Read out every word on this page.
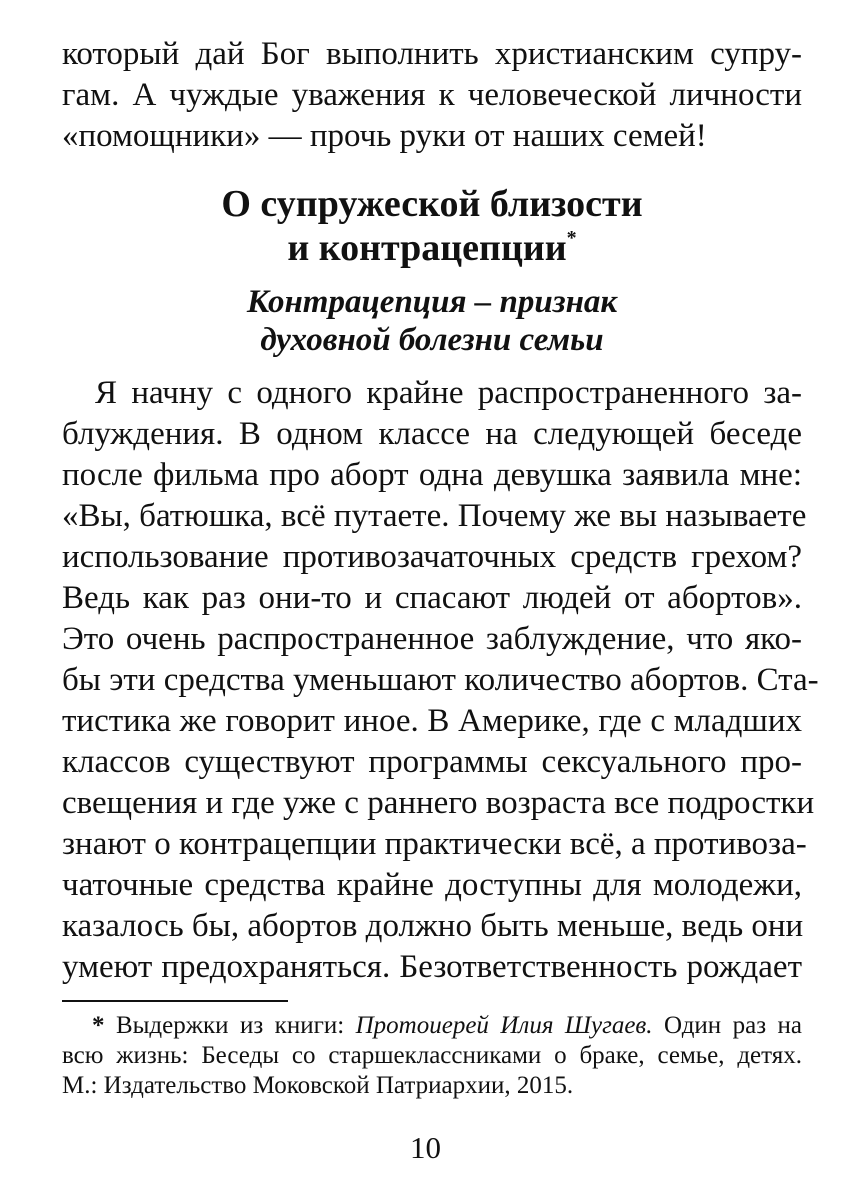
который дай Бог выполнить христианским супру-
гам. А чуждые уважения к человеческой личности
«помощники» — прочь руки от наших семей!
О супружеской близости
и контрацепции*
Контрацепция – признак
духовной болезни семьи
Я начну с одного крайне распространенного за-
блуждения. В одном классе на следующей беседе
после фильма про аборт одна девушка заявила мне:
«Вы, батюшка, всё путаете. Почему же вы называете
использование противозачаточных средств грехом?
Ведь как раз они-то и спасают людей от абортов».
Это очень распространенное заблуждение, что яко-
бы эти средства уменьшают количество абортов. Ста-
тистика же говорит иное. В Америке, где с младших
классов существуют программы сексуального про-
свещения и где уже с раннего возраста все подростки
знают о контрацепции практически всё, а противоза-
чаточные средства крайне доступны для молодежи,
казалось бы, абортов должно быть меньше, ведь они
умеют предохраняться. Безответственность рождает
* Выдержки из книги: Протоиерей Илия Шугаев. Один раз на
всю жизнь: Беседы со старшеклассниками о браке, семье, детях.
М.: Издательство Моковской Патриархии, 2015.
10
